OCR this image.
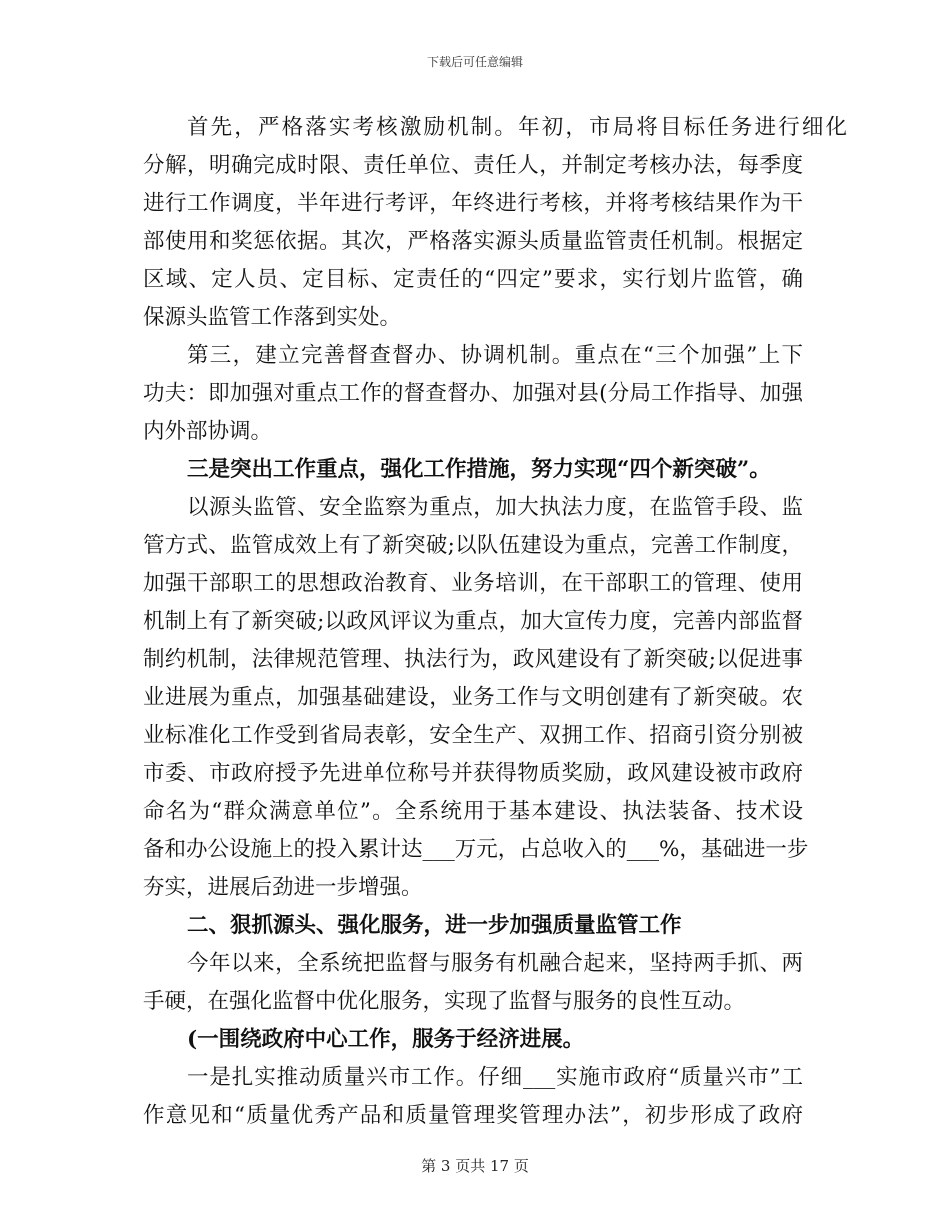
下载后可任意编辑
首先，严格落实考核激励机制。年初，市局将目标任务进行细化
分解，明确完成时限、责任单位、责任人，并制定考核办法，每季度
进行工作调度，半年进行考评，年终进行考核，并将考核结果作为干
部使用和奖惩依据。其次，严格落实源头质量监管责任机制。根据定
区域、定人员、定目标、定责任的“四定”要求，实行划片监管，确
保源头监管工作落到实处。
第三，建立完善督查督办、协调机制。重点在“三个加强”上下
功夫：即加强对重点工作的督查督办、加强对县(分局工作指导、加强
内外部协调。
三是突出工作重点，强化工作措施，努力实现“四个新突破”。
以源头监管、安全监察为重点，加大执法力度，在监管手段、监
管方式、监管成效上有了新突破;以队伍建设为重点，完善工作制度，
加强干部职工的思想政治教育、业务培训，在干部职工的管理、使用
机制上有了新突破;以政风评议为重点，加大宣传力度，完善内部监督
制约机制，法律规范管理、执法行为，政风建设有了新突破;以促进事
业进展为重点，加强基础建设，业务工作与文明创建有了新突破。农
业标准化工作受到省局表彰，安全生产、双拥工作、招商引资分别被
市委、市政府授予先进单位称号并获得物质奖励，政风建设被市政府
命名为“群众满意单位”。全系统用于基本建设、执法装备、技术设
备和办公设施上的投入累计达___万元，占总收入的___%，基础进一步
夯实，进展后劲进一步增强。
二、狠抓源头、强化服务，进一步加强质量监管工作
今年以来，全系统把监督与服务有机融合起来，坚持两手抓、两
手硬，在强化监督中优化服务，实现了监督与服务的良性互动。
(一围绕政府中心工作，服务于经济进展。
一是扎实推动质量兴市工作。仔细___实施市政府“质量兴市”工
作意见和“质量优秀产品和质量管理奖管理办法”，初步形成了政府
第 3 页共 17 页
